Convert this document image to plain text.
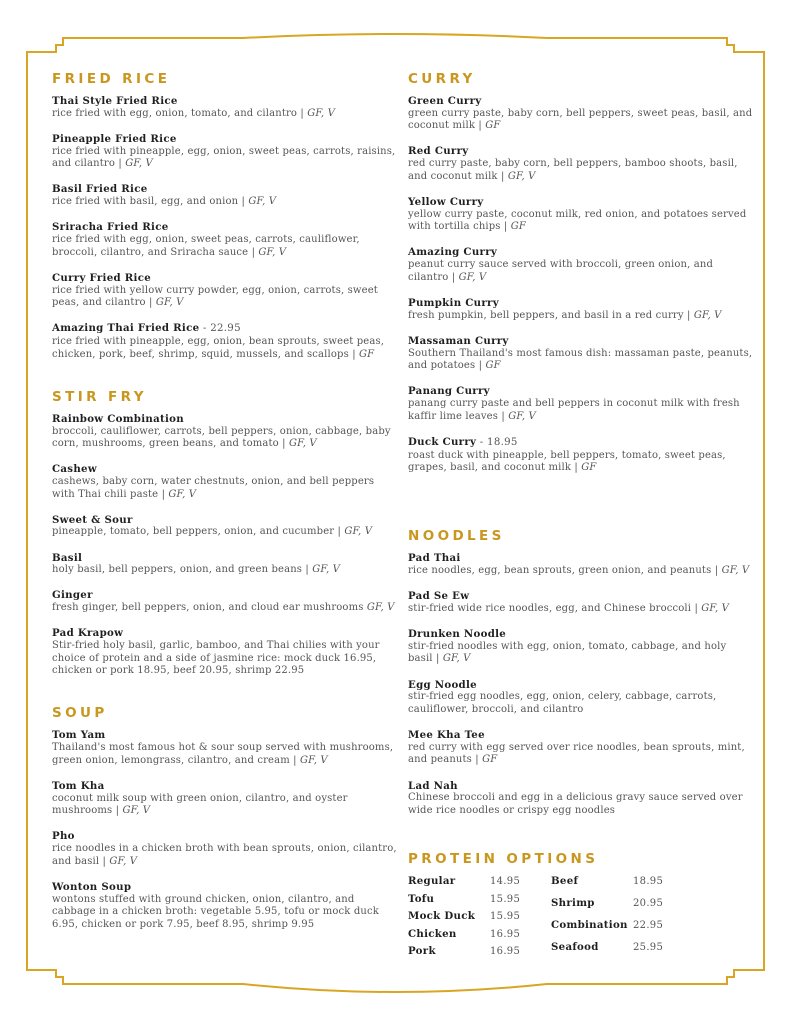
FRIED RICE
Thai Style Fried Rice
rice fried with egg, onion, tomato, and cilantro | GF, V
Pineapple Fried Rice
rice fried with pineapple, egg, onion, sweet peas, carrots, raisins, and cilantro | GF, V
Basil Fried Rice
rice fried with basil, egg, and onion | GF, V
Sriracha Fried Rice
rice fried with egg, onion, sweet peas, carrots, cauliflower, broccoli, cilantro, and Sriracha sauce | GF, V
Curry Fried Rice
rice fried with yellow curry powder, egg, onion, carrots, sweet peas, and cilantro | GF, V
Amazing Thai Fried Rice - 22.95
rice fried with pineapple, egg, onion, bean sprouts, sweet peas, chicken, pork, beef, shrimp, squid, mussels, and scallops | GF
STIR FRY
Rainbow Combination
broccoli, cauliflower, carrots, bell peppers, onion, cabbage, baby corn, mushrooms, green beans, and tomato | GF, V
Cashew
cashews, baby corn, water chestnuts, onion, and bell peppers with Thai chili paste | GF, V
Sweet & Sour
pineapple, tomato, bell peppers, onion, and cucumber | GF, V
Basil
holy basil, bell peppers, onion, and green beans | GF, V
Ginger
fresh ginger, bell peppers, onion, and cloud ear mushrooms GF, V
Pad Krapow
Stir-fried holy basil, garlic, bamboo, and Thai chilies with your choice of protein and a side of jasmine rice: mock duck 16.95, chicken or pork 18.95, beef 20.95, shrimp 22.95
SOUP
Tom Yam
Thailand's most famous hot & sour soup served with mushrooms, green onion, lemongrass, cilantro, and cream | GF, V
Tom Kha
coconut milk soup with green onion, cilantro, and oyster mushrooms | GF, V
Pho
rice noodles in a chicken broth with bean sprouts, onion, cilantro, and basil | GF, V
Wonton Soup
wontons stuffed with ground chicken, onion, cilantro, and cabbage in a chicken broth: vegetable 5.95, tofu or mock duck 6.95, chicken or pork 7.95, beef 8.95, shrimp 9.95
CURRY
Green Curry
green curry paste, baby corn, bell peppers, sweet peas, basil, and coconut milk | GF
Red Curry
red curry paste, baby corn, bell peppers, bamboo shoots, basil, and coconut milk | GF, V
Yellow Curry
yellow curry paste, coconut milk, red onion, and potatoes served with tortilla chips | GF
Amazing Curry
peanut curry sauce served with broccoli, green onion, and cilantro | GF, V
Pumpkin Curry
fresh pumpkin, bell peppers, and basil in a red curry | GF, V
Massaman Curry
Southern Thailand's most famous dish: massaman paste, peanuts, and potatoes | GF
Panang Curry
panang curry paste and bell peppers in coconut milk with fresh kaffir lime leaves | GF, V
Duck Curry - 18.95
roast duck with pineapple, bell peppers, tomato, sweet peas, grapes, basil, and coconut milk | GF
NOODLES
Pad Thai
rice noodles, egg, bean sprouts, green onion, and peanuts | GF, V
Pad Se Ew
stir-fried wide rice noodles, egg, and Chinese broccoli | GF, V
Drunken Noodle
stir-fried noodles with egg, onion, tomato, cabbage, and holy basil | GF, V
Egg Noodle
stir-fried egg noodles, egg, onion, celery, cabbage, carrots, cauliflower, broccoli, and cilantro
Mee Kha Tee
red curry with egg served over rice noodles, bean sprouts, mint, and peanuts | GF
Lad Nah
Chinese broccoli and egg in a delicious gravy sauce served over wide rice noodles or crispy egg noodles
PROTEIN OPTIONS
Regular	14.95
Tofu	15.95
Mock Duck	15.95
Chicken	16.95
Pork	16.95
Beef	18.95
Shrimp	20.95
Combination 22.95
Seafood	25.95
